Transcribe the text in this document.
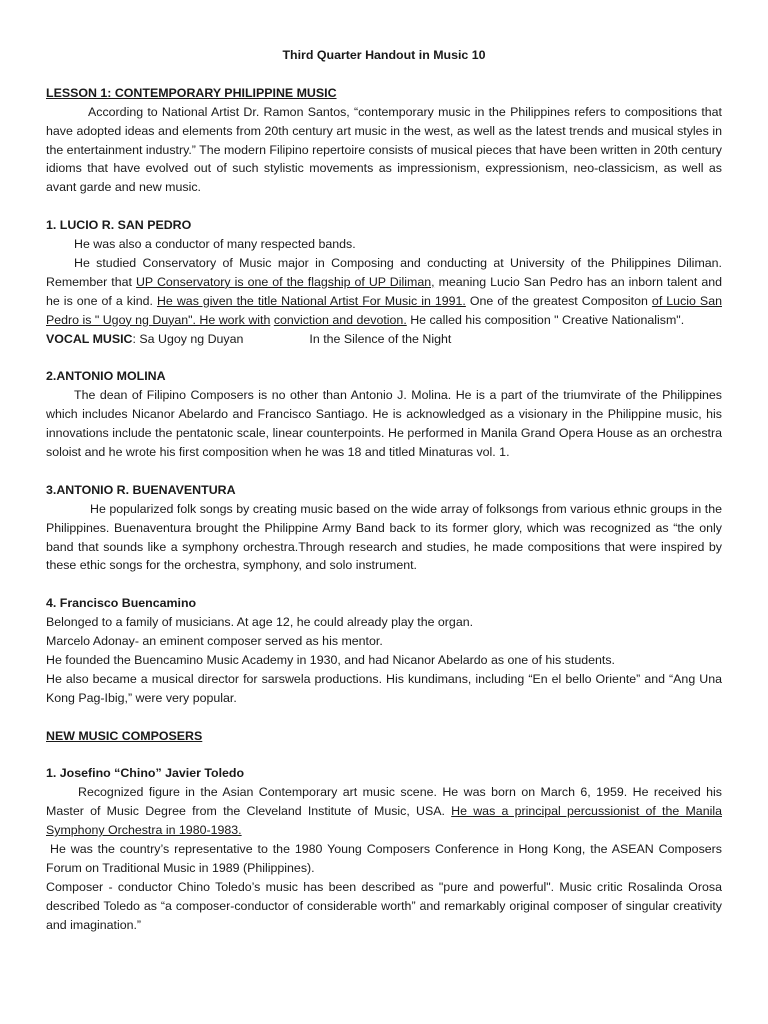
Third Quarter Handout in Music 10

LESSON 1: CONTEMPORARY PHILIPPINE MUSIC

According to National Artist Dr. Ramon Santos, “contemporary music in the Philippines refers to compositions that have adopted ideas and elements from 20th century art music in the west, as well as the latest trends and musical styles in the entertainment industry.” The modern Filipino repertoire consists of musical pieces that have been written in 20th century idioms that have evolved out of such stylistic movements as impressionism, expressionism, neo-classicism, as well as avant garde and new music.

1. LUCIO R. SAN PEDRO

He was also a conductor of many respected bands.

He studied Conservatory of Music major in Composing and conducting at University of the Philippines Diliman. Remember that UP Conservatory is one of the flagship of UP Diliman, meaning Lucio San Pedro has an inborn talent and he is one of a kind. He was given the title National Artist For Music in 1991. One of the greatest Compositon of Lucio San Pedro is " Ugoy ng Duyan". He work with conviction and devotion. He called his composition " Creative Nationalism".

VOCAL MUSIC: Sa Ugoy ng Duyan	In the Silence of the Night

2.ANTONIO MOLINA

The dean of Filipino Composers is no other than Antonio J. Molina. He is a part of the triumvirate of the Philippines which includes Nicanor Abelardo and Francisco Santiago. He is acknowledged as a visionary in the Philippine music, his innovations include the pentatonic scale, linear counterpoints. He performed in Manila Grand Opera House as an orchestra soloist and he wrote his first composition when he was 18 and titled Minaturas vol. 1.

3.ANTONIO R. BUENAVENTURA

He popularized folk songs by creating music based on the wide array of folksongs from various ethnic groups in the Philippines. Buenaventura brought the Philippine Army Band back to its former glory, which was recognized as “the only band that sounds like a symphony orchestra.Through research and studies, he made compositions that were inspired by these ethic songs for the orchestra, symphony, and solo instrument.

4. Francisco Buencamino

Belonged to a family of musicians. At age 12, he could already play the organ.

Marcelo Adonay- an eminent composer served as his mentor.

He founded the Buencamino Music Academy in 1930, and had Nicanor Abelardo as one of his students.

He also became a musical director for sarswela productions. His kundimans, including “En el bello Oriente” and “Ang Una Kong Pag-Ibig,” were very popular.

NEW MUSIC COMPOSERS

1. Josefino “Chino” Javier Toledo

Recognized figure in the Asian Contemporary art music scene. He was born on March 6, 1959. He received his Master of Music Degree from the Cleveland Institute of Music, USA. He was a principal percussionist of the Manila Symphony Orchestra in 1980-1983.

He was the country’s representative to the 1980 Young Composers Conference in Hong Kong, the ASEAN Composers Forum on Traditional Music in 1989 (Philippines).

Composer - conductor Chino Toledo’s music has been described as "pure and powerful". Music critic Rosalinda Orosa described Toledo as “a composer-conductor of considerable worth” and remarkably original composer of singular creativity and imagination.”
